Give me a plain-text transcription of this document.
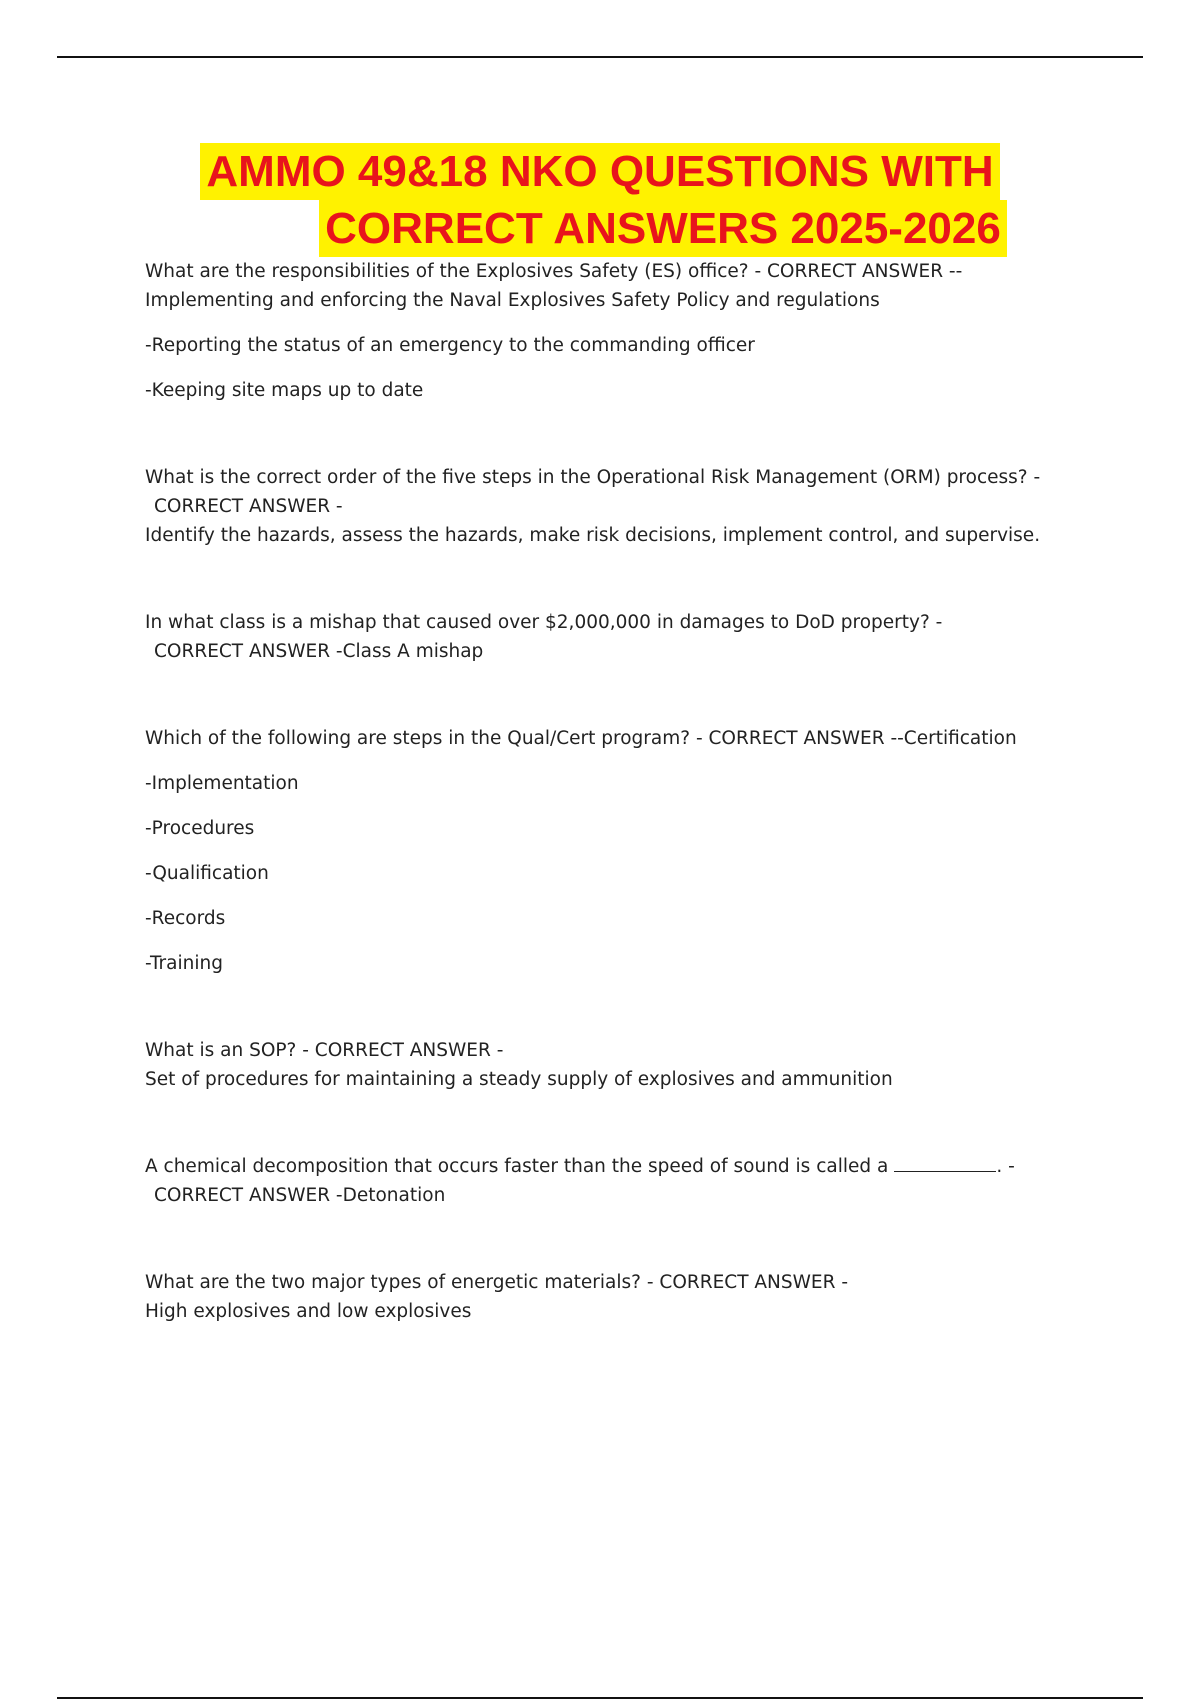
AMMO 49&18 NKO QUESTIONS WITH
CORRECT ANSWERS 2025-2026

What are the responsibilities of the Explosives Safety (ES) office? - CORRECT ANSWER --

Implementing and enforcing the Naval Explosives Safety Policy and regulations

-Reporting the status of an emergency to the commanding officer

-Keeping site maps up to date

What is the correct order of the five steps in the Operational Risk Management (ORM) process? -

CORRECT ANSWER -

Identify the hazards, assess the hazards, make risk decisions, implement control, and supervise.

In what class is a mishap that caused over $2,000,000 in damages to DoD property? -

CORRECT ANSWER -Class A mishap

Which of the following are steps in the Qual/Cert program? - CORRECT ANSWER --Certification

-Implementation

-Procedures

-Qualification

-Records

-Training

What is an SOP? - CORRECT ANSWER -

Set of procedures for maintaining a steady supply of explosives and ammunition

A chemical decomposition that occurs faster than the speed of sound is called a	. -

CORRECT ANSWER -Detonation

What are the two major types of energetic materials? - CORRECT ANSWER -

High explosives and low explosives
